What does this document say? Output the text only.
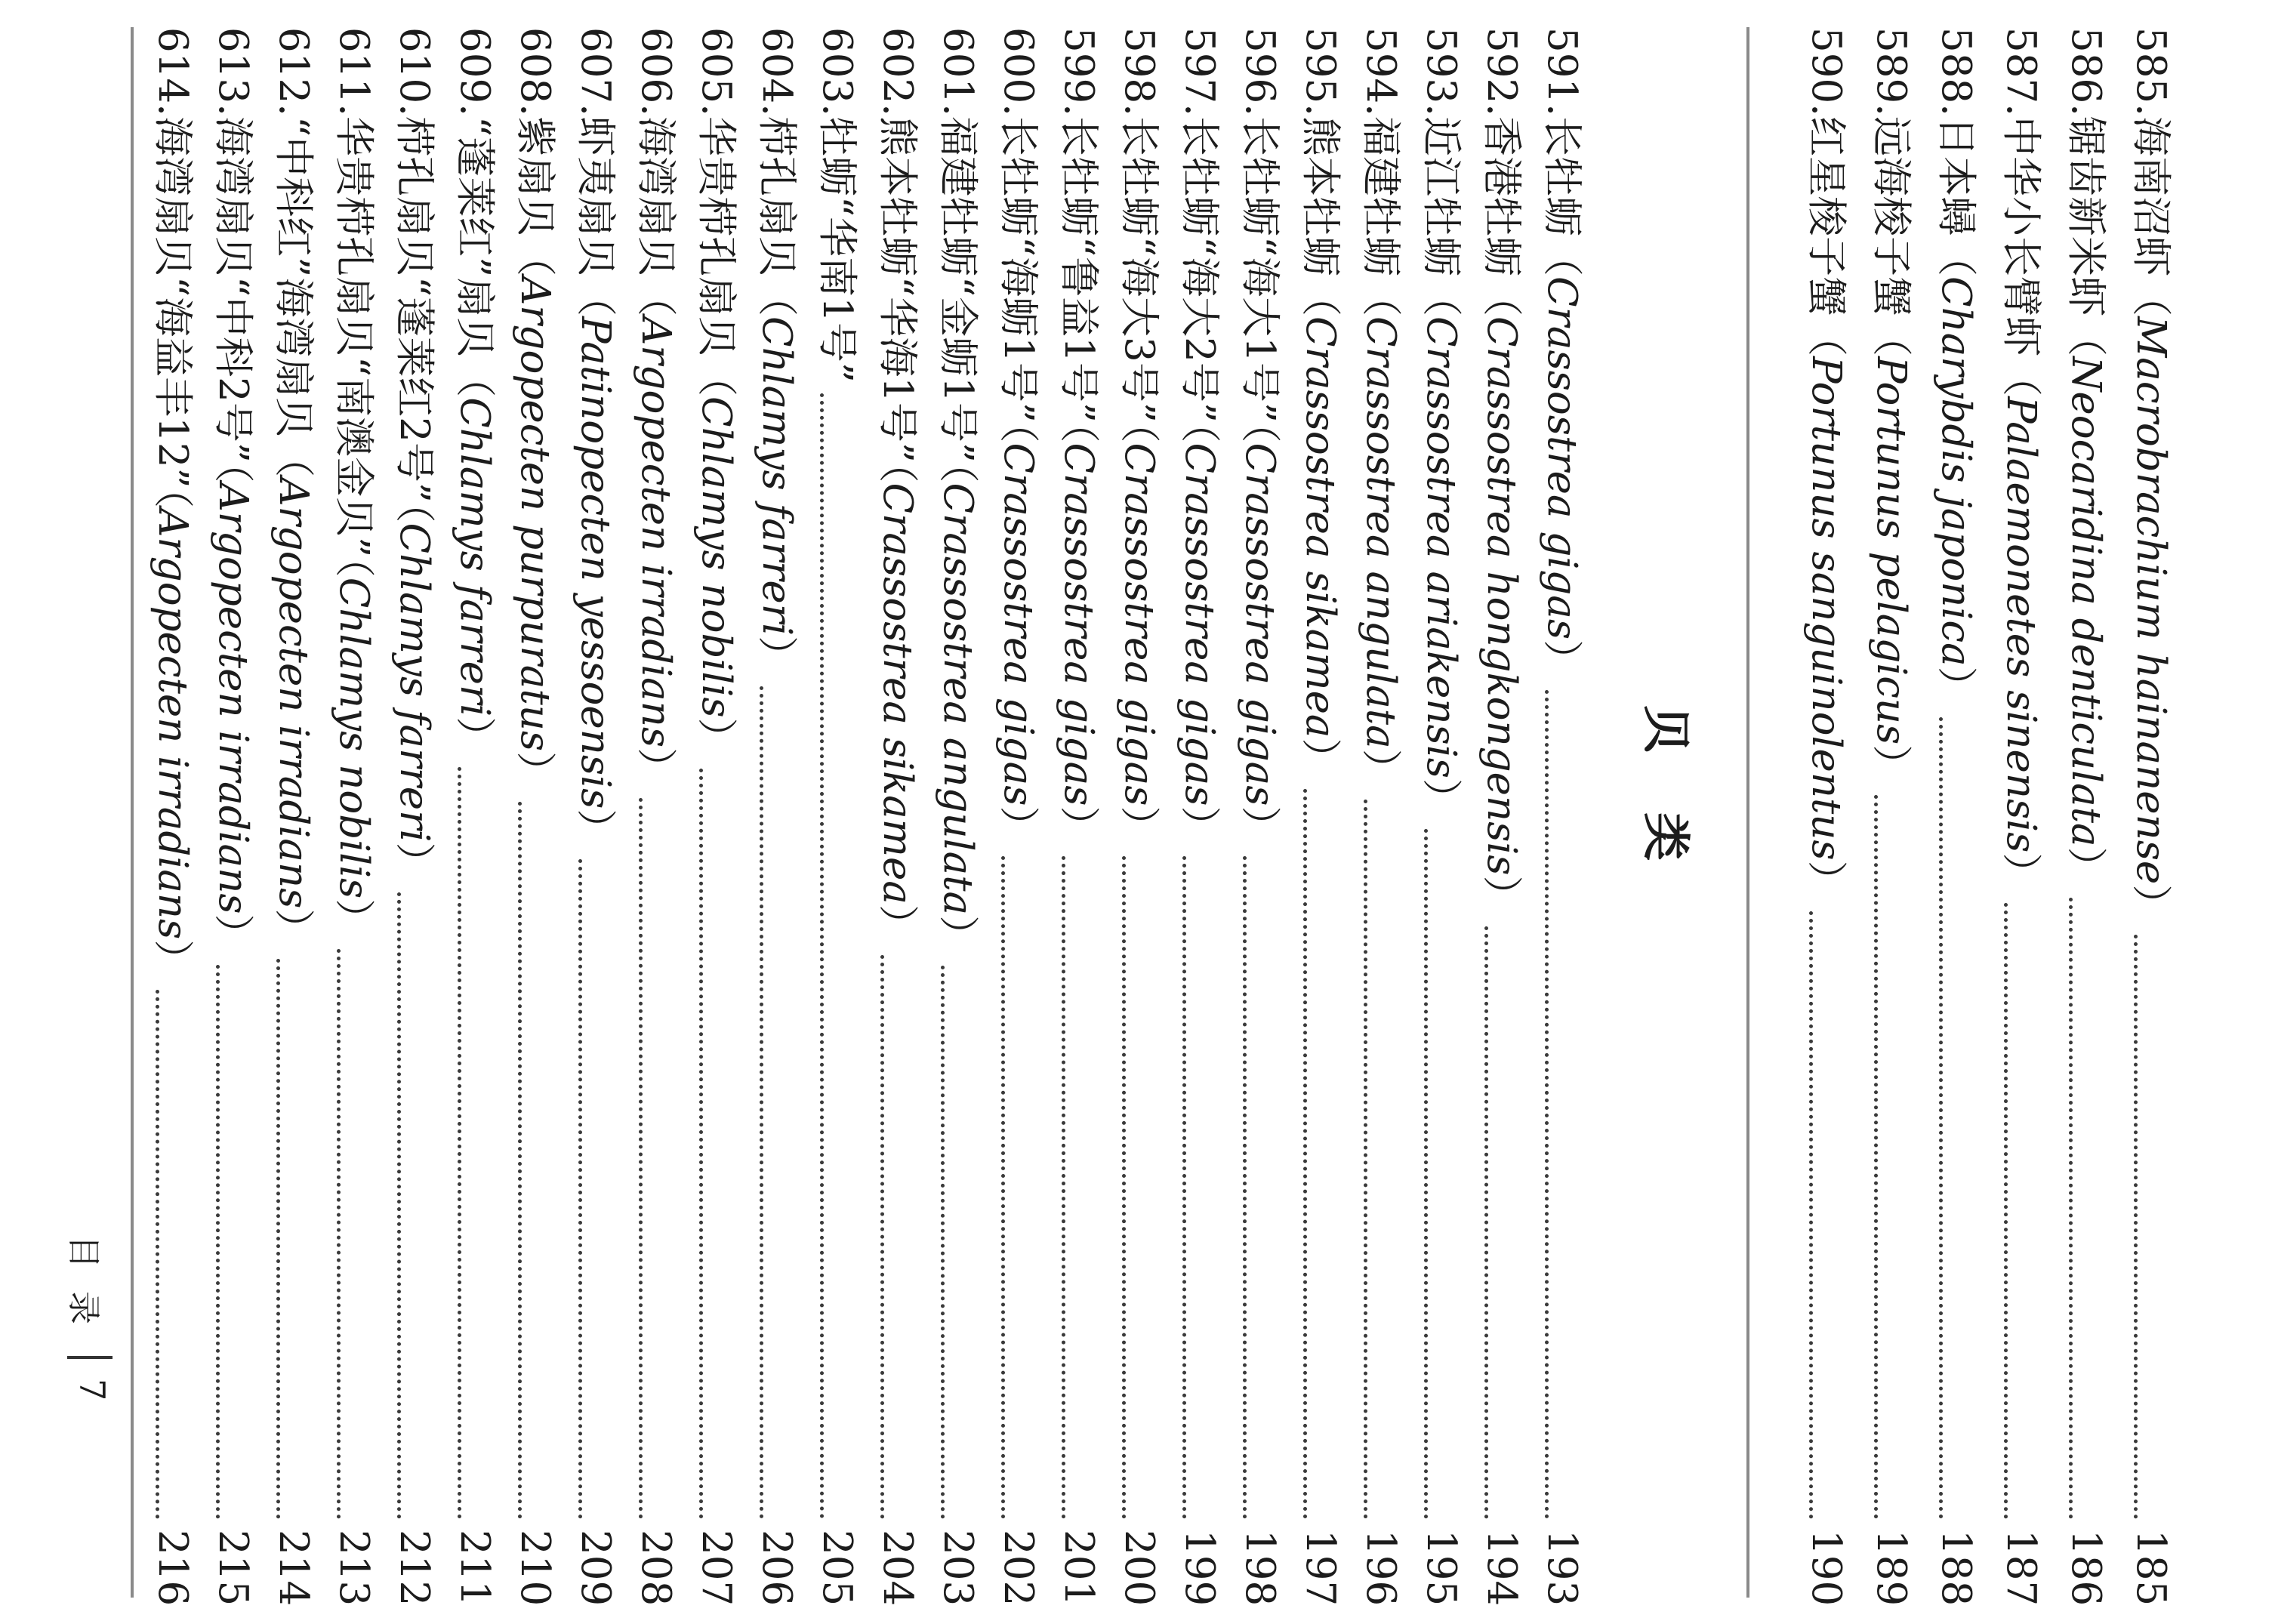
585.海南沼虾（Macrobrachium hainanense）
185
586.锯齿新米虾（Neocaridina denticulata）
186
587.中华小长臂虾（Palaemonetes sinensis）
187
588.日本蟳（Charybdis japonica）
188
589.远海梭子蟹（Portunus pelagicus）
189
590.红星梭子蟹（Portunus sanguinolentus）
190
贝类
591.长牡蛎（Crassostrea gigas）
193
592.香港牡蛎（Crassostrea hongkongensis）
194
593.近江牡蛎（Crassostrea ariakensis）
195
594.福建牡蛎（Crassostrea angulata）
196
595.熊本牡蛎（Crassostrea sikamea）
197
596.长牡蛎“海大1号”（Crassostrea gigas）
198
597.长牡蛎“海大2号”（Crassostrea gigas）
199
598.长牡蛎“海大3号”（Crassostrea gigas）
200
599.长牡蛎“鲁益1号”（Crassostrea gigas）
201
600.长牡蛎“海蛎1号”（Crassostrea gigas）
202
601.福建牡蛎“金蛎1号”（Crassostrea angulata）
203
602.熊本牡蛎“华海1号”（Crassostrea sikamea）
204
603.牡蛎“华南1号”
205
604.栉孔扇贝（Chlamys farreri）
206
605.华贵栉孔扇贝（Chlamys nobilis）
207
606.海湾扇贝（Argopecten irradians）
208
607.虾夷扇贝（Patinopecten yessoensis）
209
608.紫扇贝（Argopecten purpuratus）
210
609.“蓬莱红”扇贝（Chlamys farreri）
211
610.栉孔扇贝“蓬莱红2号”（Chlamys farreri）
212
611.华贵栉孔扇贝“南澳金贝”（Chlamys nobilis）
213
612.“中科红”海湾扇贝（Argopecten irradians）
214
613.海湾扇贝“中科2号”（Argopecten irradians）
215
614.海湾扇贝“海益丰12”（Argopecten irradians）
216
目录
7
